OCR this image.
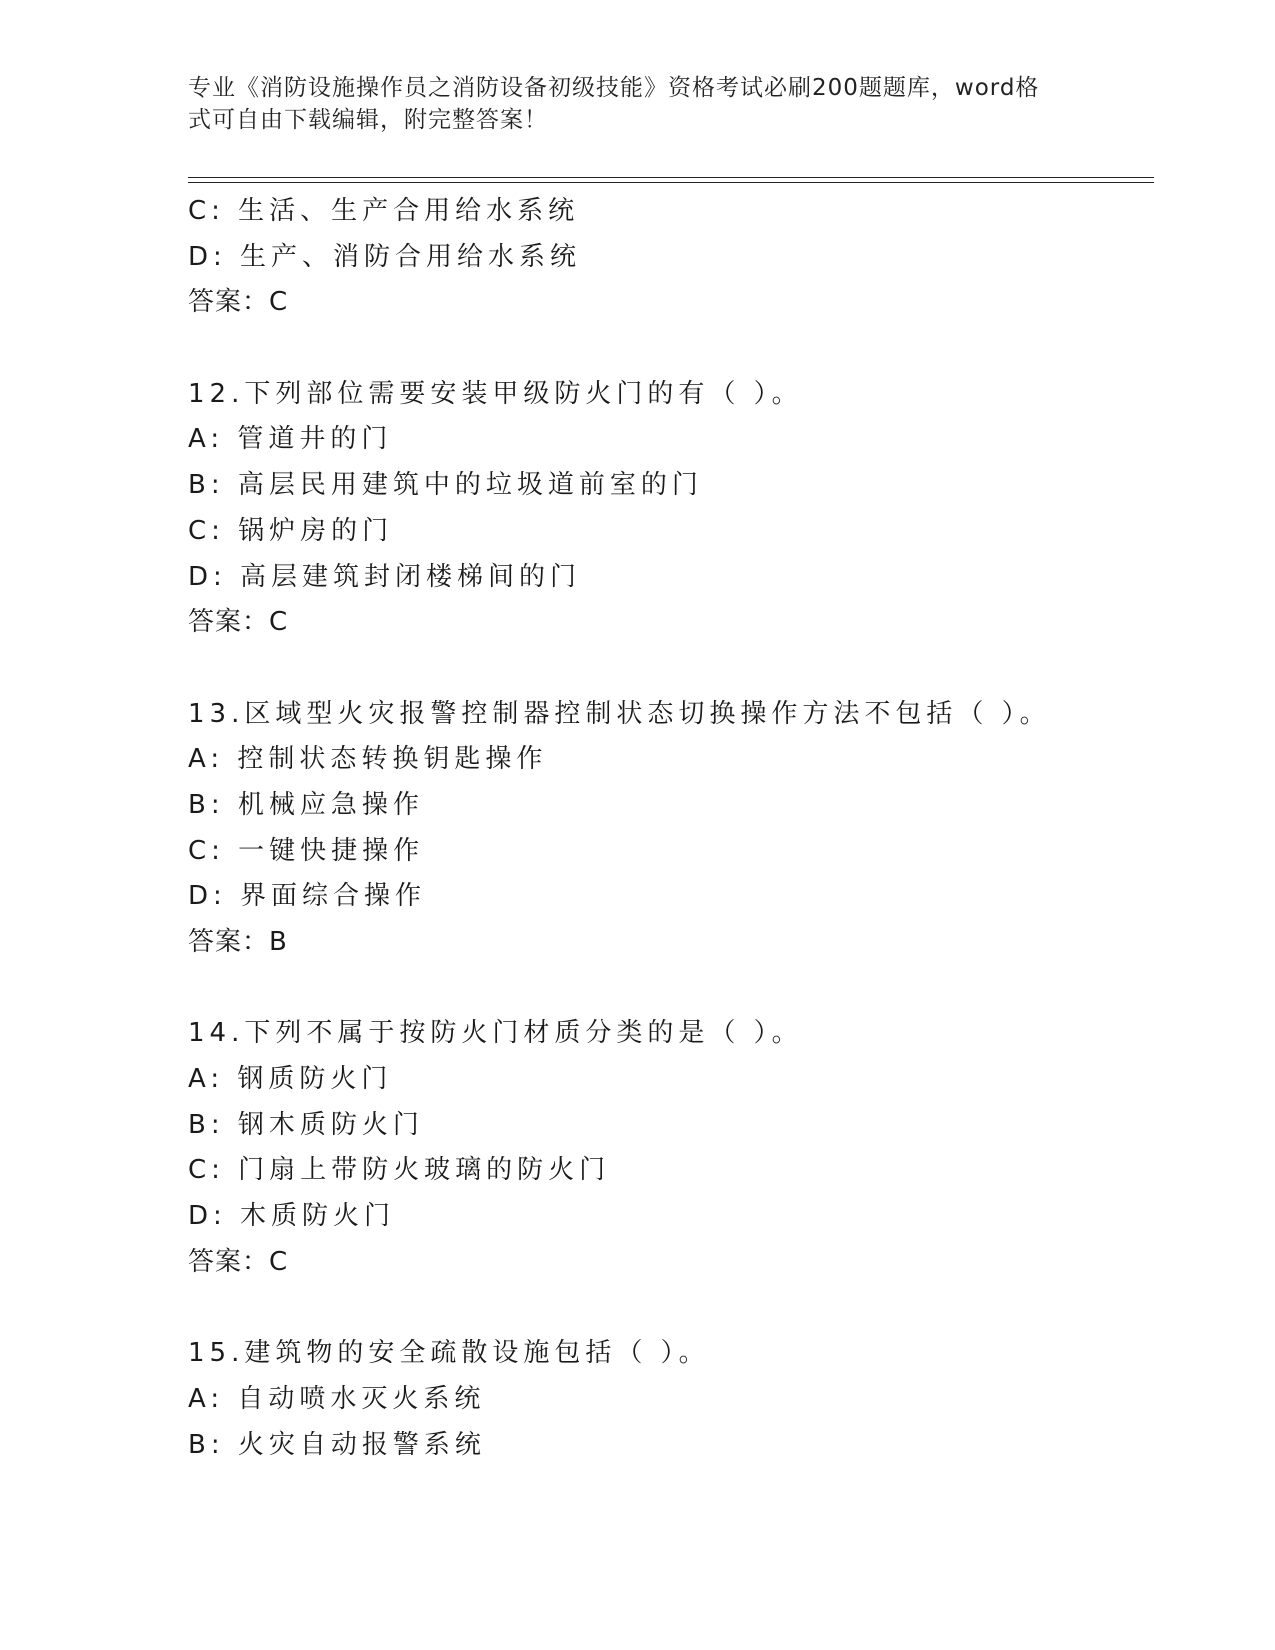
专业《消防设施操作员之消防设备初级技能》资格考试必刷200题题库，word格
式可自由下载编辑，附完整答案！
C: 生活、生产合用给水系统
D: 生产、消防合用给水系统
答案：C
12.下列部位需要安装甲级防火门的有（ ）。
A: 管道井的门
B: 高层民用建筑中的垃圾道前室的门
C: 锅炉房的门
D: 高层建筑封闭楼梯间的门
答案：C
13.区域型火灾报警控制器控制状态切换操作方法不包括（ ）。
A: 控制状态转换钥匙操作
B: 机械应急操作
C: 一键快捷操作
D: 界面综合操作
答案：B
14.下列不属于按防火门材质分类的是（ ）。
A: 钢质防火门
B: 钢木质防火门
C: 门扇上带防火玻璃的防火门
D: 木质防火门
答案：C
15.建筑物的安全疏散设施包括（ ）。
A: 自动喷水灭火系统
B: 火灾自动报警系统
